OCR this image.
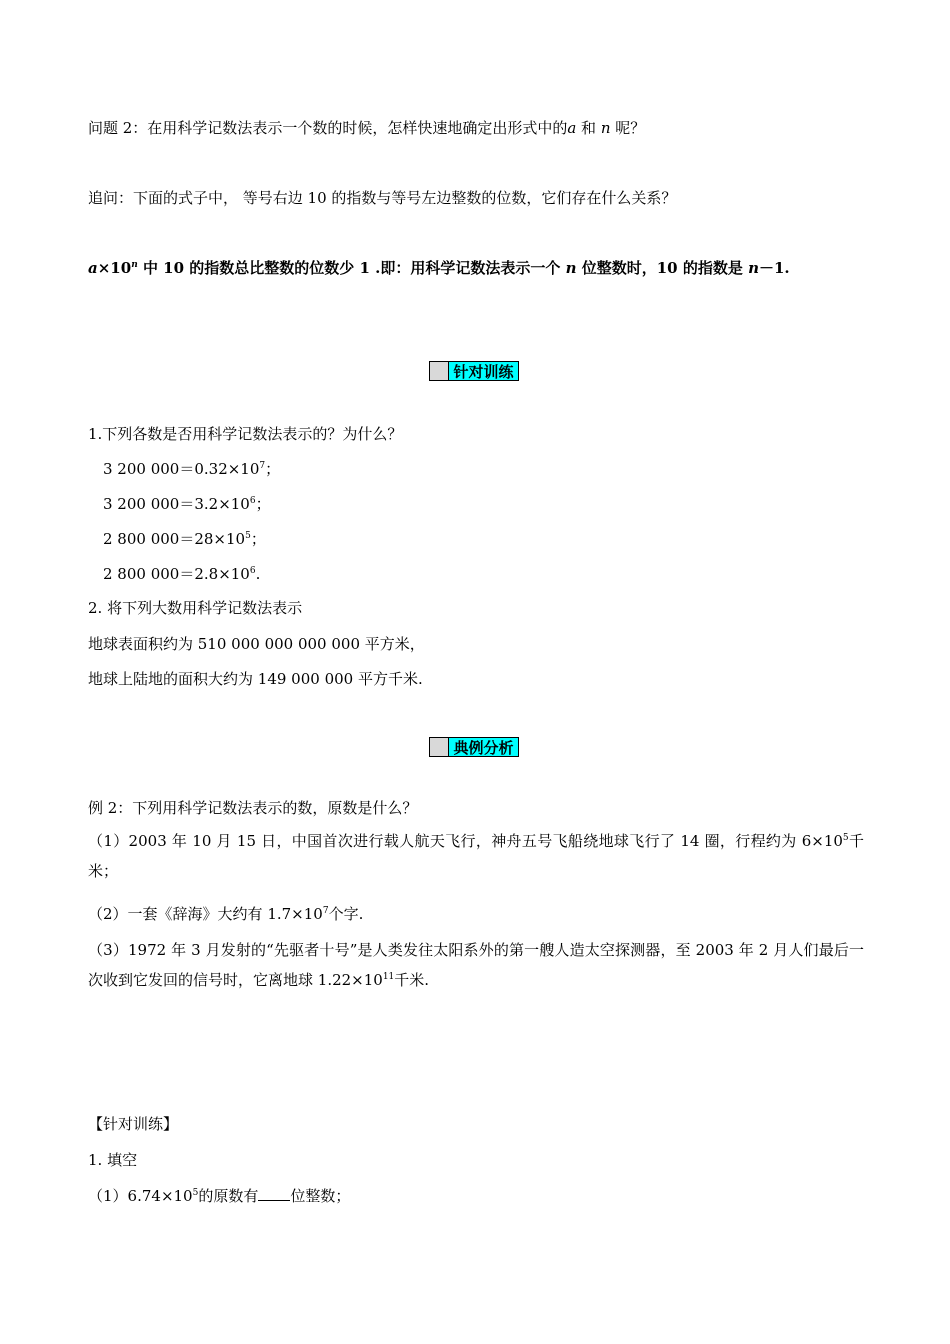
问题 2：在用科学记数法表示一个数的时候，怎样快速地确定出形式中的a 和 n 呢？
追问：下面的式子中， 等号右边 10 的指数与等号左边整数的位数，它们存在什么关系？
$a\times 10^n$ 中 10 的指数总比整数的位数少 1 .即：用科学记数法表示一个 n 位整数时，10 的指数是 n－1.
针对训练
1.下列各数是否用科学记数法表示的？为什么？
3 200 $000=0.32\times 10^7$；
3 200 $000=3.2\times 10^6$；
2 800 $000=28\times 10^5$；
2 800 $000=2.8\times 10^6$.
2. 将下列大数用科学记数法表示
地球表面积约为 510 000 000 000 000 平方米，
地球上陆地的面积大约为 149 000 000 平方千米.
典例分析
例 2：下列用科学记数法表示的数，原数是什么？
（1）2003 年 10 月 15 日，中国首次进行载人航天飞行，神舟五号飞船绕地球飞行了 14 圈，行程约为 $6\times 10^5$千米；
（2）一套《辞海》大约有 $1.7\times 10^7$个字.
（3）1972 年 3 月发射的“先驱者十号”是人类发往太阳系外的第一艘人造太空探测器，至 2003 年 2 月人们最后一次收到它发回的信号时，它离地球 $1.22\times 10^{11}$千米.
【针对训练】
1. 填空
$(1)6.74\times 10^5$的原数有 位整数；
